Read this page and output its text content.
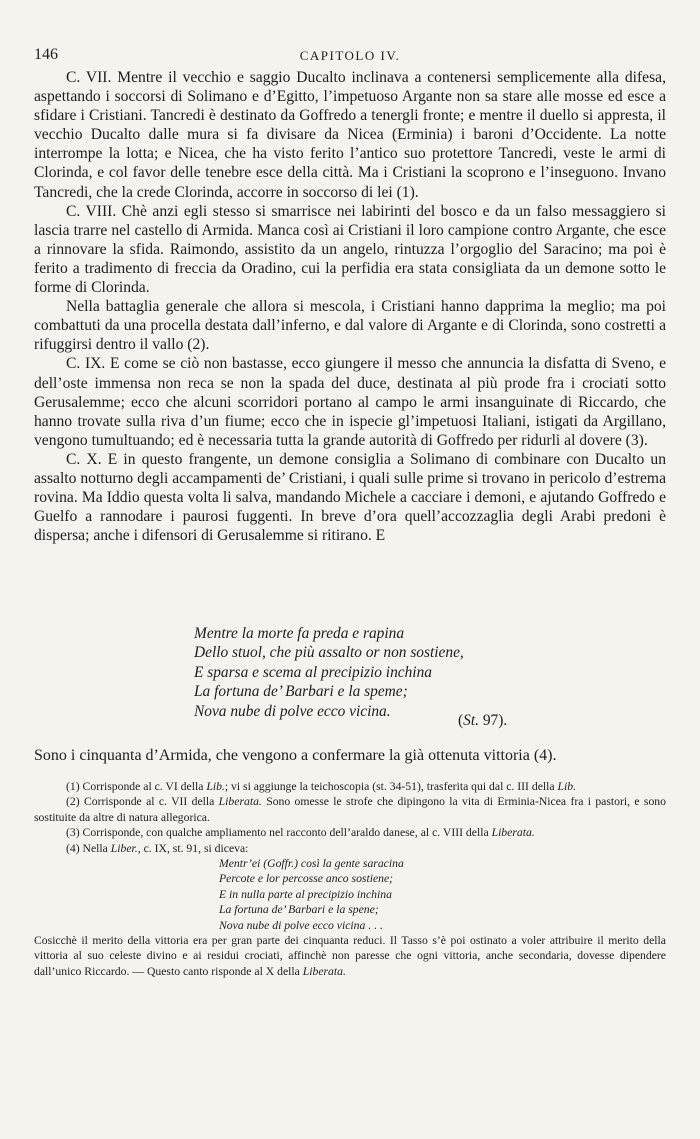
146	CAPITOLO IV.

C. VII. Mentre il vecchio e saggio Ducalto inclinava a contenersi semplicemente alla difesa, aspettando i soccorsi di Solimano e d’Egitto, l’impetuoso Argante non sa stare alle mosse ed esce a sfidare i Cristiani. Tancredi è destinato da Goffredo a tenergli fronte; e mentre il duello si appresta, il vecchio Ducalto dalle mura si fa divisare da Nicea (Erminia) i baroni d’Occidente. La notte interrompe la lotta; e Nicea, che ha visto ferito l’antico suo protettore Tancredi, veste le armi di Clorinda, e col favor delle tenebre esce della città. Ma i Cristiani la scoprono e l’inseguono. Invano Tancredi, che la crede Clorinda, accorre in soccorso di lei (1).

C. VIII. Chè anzi egli stesso si smarrisce nei labirinti del bosco e da un falso messaggiero si lascia trarre nel castello di Armida. Manca così ai Cristiani il loro campione contro Argante, che esce a rinnovare la sfida. Raimondo, assistito da un angelo, rintuzza l’orgoglio del Saracino; ma poi è ferito a tradimento di freccia da Oradino, cui la perfidia era stata consigliata da un demone sotto le forme di Clorinda.

Nella battaglia generale che allora si mescola, i Cristiani hanno dapprima la meglio; ma poi combattuti da una procella destata dall’inferno, e dal valore di Argante e di Clorinda, sono costretti a rifuggirsi dentro il vallo (2).

C. IX. E come se ciò non bastasse, ecco giungere il messo che annuncia la disfatta di Sveno, e dell’oste immensa non reca se non la spada del duce, destinata al più prode fra i crociati sotto Gerusalemme; ecco che alcuni scorridori portano al campo le armi insanguinate di Riccardo, che hanno trovate sulla riva d’un fiume; ecco che in ispecie gl’impetuosi Italiani, istigati da Argillano, vengono tumultuando; ed è necessaria tutta la grande autorità di Goffredo per ridurli al dovere (3).

C. X. E in questo frangente, un demone consiglia a Solimano di combinare con Ducalto un assalto notturno degli accampamenti de’ Cristiani, i quali sulle prime si trovano in pericolo d’estrema rovina. Ma Iddio questa volta li salva, mandando Michele a cacciare i demoni, e ajutando Goffredo e Guelfo a rannodare i paurosi fuggenti. In breve d’ora quell’accozzaglia degli Arabi predoni è dispersa; anche i difensori di Gerusalemme si ritirano. E

Mentre la morte fa preda e rapina
Dello stuol, che più assalto or non sostiene,
E sparsa e scema al precipizio inchina
La fortuna de’ Barbari e la speme;
Nova nube di polve ecco vicina.
(St. 97).
Sono i cinquanta d’Armida, che vengono a confermare la già ottenuta vittoria (4).

(1) Corrisponde al c. VI della Lib.; vi si aggiunge la teichoscopia (st. 34-51), trasferita qui dal c. III della Lib.

(2) Corrisponde al c. VII della Liberata. Sono omesse le strofe che dipingono la vita di Erminia-Nicea fra i pastori, e sono sostituite da altre di natura allegorica.

(3) Corrisponde, con qualche ampliamento nel racconto dell’araldo danese, al c. VIII della Liberata.

(4) Nella Liber., c. IX, st. 91, si diceva:

Mentr’ei (Goffr.) così la gente saracina
Percote e lor percosse anco sostiene;
E in nulla parte al precipizio inchina
La fortuna de’ Barbari e la spene;
Nova nube di polve ecco vicina . . .

Cosicchè il merito della vittoria era per gran parte dei cinquanta reduci. Il Tasso s’è poi ostinato a voler attribuire il merito della vittoria al suo celeste divino e ai residui crociati, affinchè non paresse che ogni vittoria, anche secondaria, dovesse dipendere dall’unico Riccardo. — Questo canto risponde al X della Liberata.
